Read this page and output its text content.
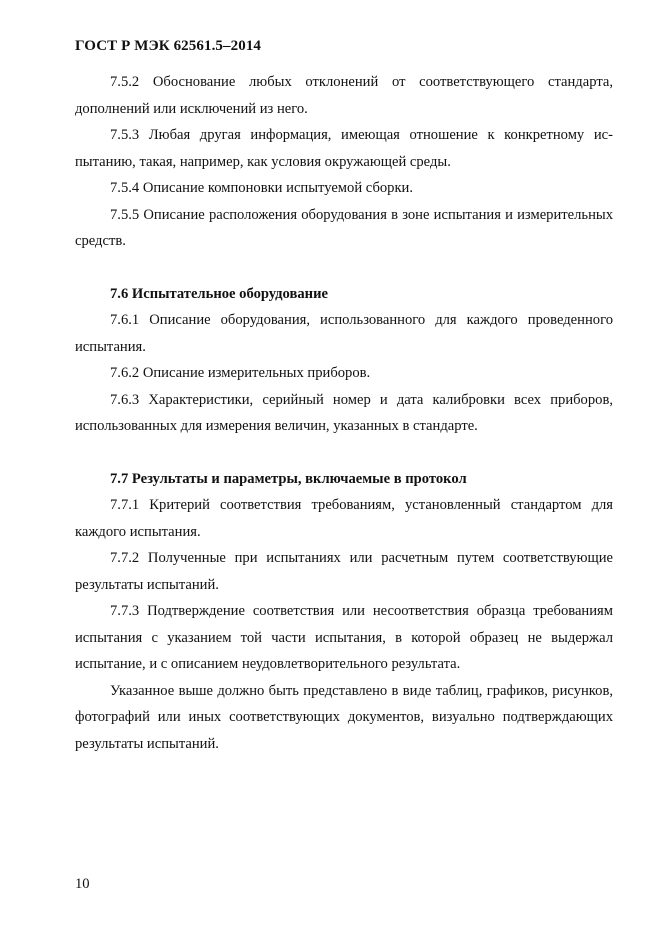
ГОСТ Р МЭК 62561.5–2014

7.5.2 Обоснование любых отклонений от соответствующего стандарта, дополнений или исключений из него.

7.5.3 Любая другая информация, имеющая отношение к конкретному испытанию, такая, например, как условия окружающей среды.

7.5.4 Описание компоновки испытуемой сборки.

7.5.5 Описание расположения оборудования в зоне испытания и измерительных средств.

7.6 Испытательное оборудование

7.6.1 Описание оборудования, использованного для каждого проведенного испытания.

7.6.2 Описание измерительных приборов.

7.6.3 Характеристики, серийный номер и дата калибровки всех приборов, использованных для измерения величин, указанных в стандарте.

7.7 Результаты и параметры, включаемые в протокол

7.7.1 Критерий соответствия требованиям, установленный стандартом для каждого испытания.

7.7.2 Полученные при испытаниях или расчетным путем соответствующие результаты испытаний.

7.7.3 Подтверждение соответствия или несоответствия образца требованиям испытания с указанием той части испытания, в которой образец не выдержал испытание, и с описанием неудовлетворительного результата.

Указанное выше должно быть представлено в виде таблиц, графиков, рисунков, фотографий или иных соответствующих документов, визуально подтверждающих результаты испытаний.

10
